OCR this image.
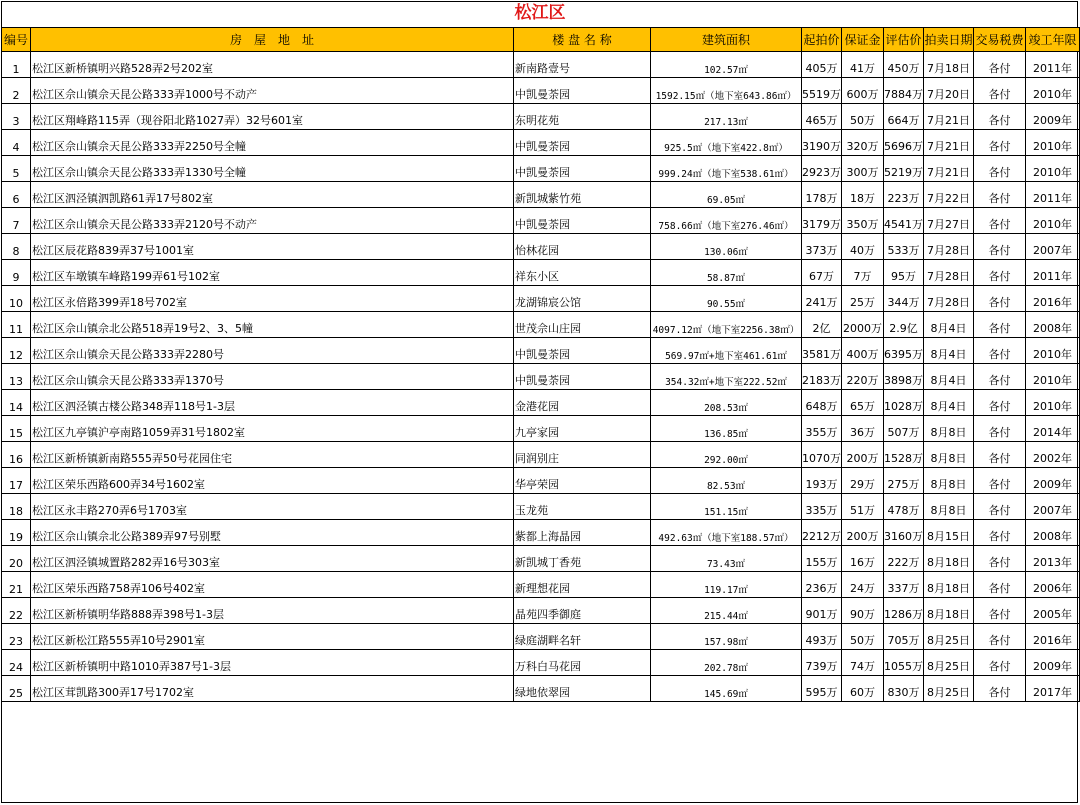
松江区
编号	房　屋　地　址	楼 盘 名 称	建筑面积	起拍价	保证金	评估价	拍卖日期	交易税费	竣工年限
1	松江区新桥镇明兴路528弄2号202室	新南路壹号	102.57㎡	405万	41万	450万	7月18日	各付	2011年
2	松江区佘山镇佘天昆公路333弄1000号不动产	中凯曼荼园	1592.15㎡（地下室643.86㎡）	5519万	600万	7884万	7月20日	各付	2010年
3	松江区翔峰路115弄（现谷阳北路1027弄）32号601室	东明花苑	217.13㎡	465万	50万	664万	7月21日	各付	2009年
4	松江区佘山镇佘天昆公路333弄2250号全幢	中凯曼荼园	925.5㎡（地下室422.8㎡）	3190万	320万	5696万	7月21日	各付	2010年
5	松江区佘山镇佘天昆公路333弄1330号全幢	中凯曼荼园	999.24㎡（地下室538.61㎡）	2923万	300万	5219万	7月21日	各付	2010年
6	松江区泗泾镇泗凯路61弄17号802室	新凯城紫竹苑	69.05㎡	178万	18万	223万	7月22日	各付	2011年
7	松江区佘山镇佘天昆公路333弄2120号不动产	中凯曼荼园	758.66㎡（地下室276.46㎡）	3179万	350万	4541万	7月27日	各付	2010年
8	松江区辰花路839弄37号1001室	怡林花园	130.06㎡	373万	40万	533万	7月28日	各付	2007年
9	松江区车墩镇车峰路199弄61号102室	祥东小区	58.87㎡	67万	7万	95万	7月28日	各付	2011年
10	松江区永倍路399弄18号702室	龙湖锦宸公馆	90.55㎡	241万	25万	344万	7月28日	各付	2016年
11	松江区佘山镇佘北公路518弄19号2、3、5幢	世茂佘山庄园	4097.12㎡（地下室2256.38㎡）	2亿	2000万	2.9亿	8月4日	各付	2008年
12	松江区佘山镇佘天昆公路333弄2280号	中凯曼荼园	569.97㎡+地下室461.61㎡	3581万	400万	6395万	8月4日	各付	2010年
13	松江区佘山镇佘天昆公路333弄1370号	中凯曼荼园	354.32㎡+地下室222.52㎡	2183万	220万	3898万	8月4日	各付	2010年
14	松江区泗泾镇古楼公路348弄118号1-3层	金港花园	208.53㎡	648万	65万	1028万	8月4日	各付	2010年
15	松江区九亭镇沪亭南路1059弄31号1802室	九亭家园	136.85㎡	355万	36万	507万	8月8日	各付	2014年
16	松江区新桥镇新南路555弄50号花园住宅	同润别庄	292.00㎡	1070万	200万	1528万	8月8日	各付	2002年
17	松江区荣乐西路600弄34号1602室	华亭荣园	82.53㎡	193万	29万	275万	8月8日	各付	2009年
18	松江区永丰路270弄6号1703室	玉龙苑	151.15㎡	335万	51万	478万	8月8日	各付	2007年
19	松江区佘山镇佘北公路389弄97号别墅	紫都上海晶园	492.63㎡（地下室188.57㎡）	2212万	200万	3160万	8月15日	各付	2008年
20	松江区泗泾镇城置路282弄16号303室	新凯城丁香苑	73.43㎡	155万	16万	222万	8月18日	各付	2013年
21	松江区荣乐西路758弄106号402室	新理想花园	119.17㎡	236万	24万	337万	8月18日	各付	2006年
22	松江区新桥镇明华路888弄398号1-3层	晶苑四季御庭	215.44㎡	901万	90万	1286万	8月18日	各付	2005年
23	松江区新松江路555弄10号2901室	绿庭湖畔名轩	157.98㎡	493万	50万	705万	8月25日	各付	2016年
24	松江区新桥镇明中路1010弄387号1-3层	万科白马花园	202.78㎡	739万	74万	1055万	8月25日	各付	2009年
25	松江区茸凯路300弄17号1702室	绿地依翠园	145.69㎡	595万	60万	830万	8月25日	各付	2017年
